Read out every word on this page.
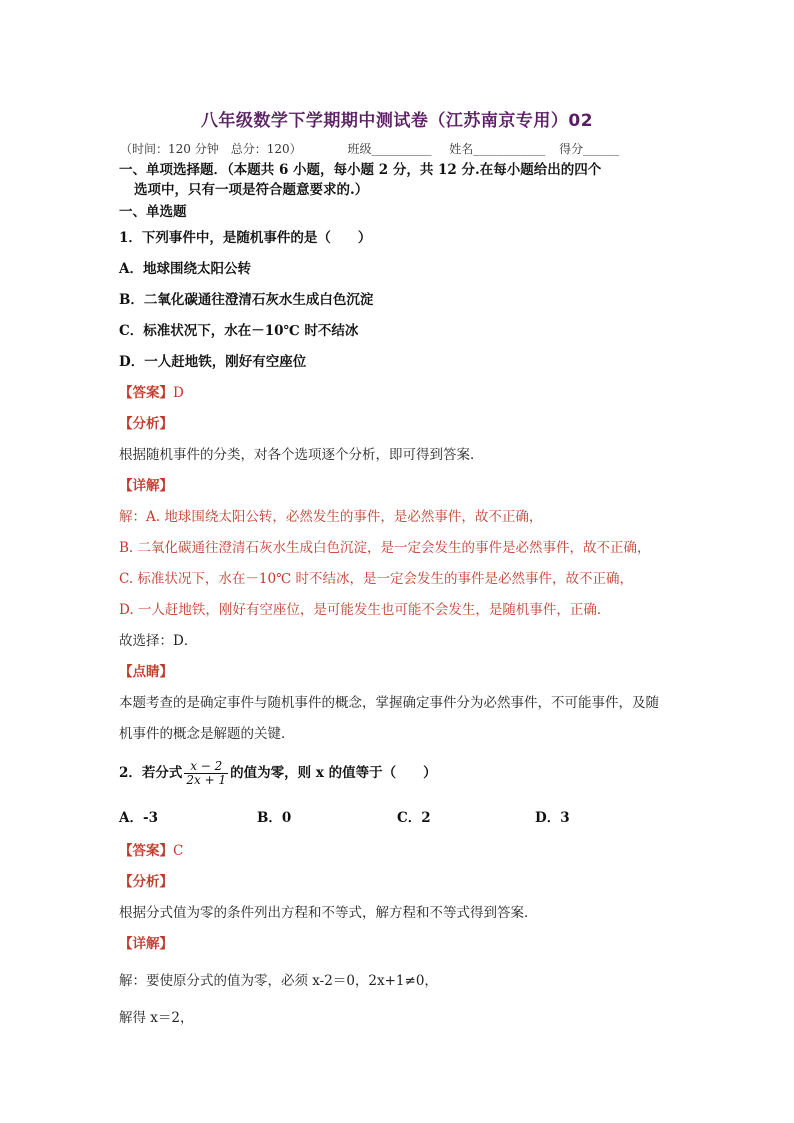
八年级数学下学期期中测试卷（江苏南京专用）02
（时间：120 分钟　总分：120）	班级__________ 姓名____________ 得分______
一、单项选择题．（本题共 6 小题，每小题 2 分，共 12 分.在每小题给出的四个
选项中，只有一项是符合题意要求的.）
一、单选题
1．下列事件中，是随机事件的是（　　）
A．地球围绕太阳公转
B．二氧化碳通往澄清石灰水生成白色沉淀
C．标准状况下，水在－10℃ 时不结冰
D．一人赶地铁，刚好有空座位
【答案】D
【分析】
根据随机事件的分类，对各个选项逐个分析，即可得到答案．
【详解】
解：A. 地球围绕太阳公转，必然发生的事件，是必然事件，故不正确，
B. 二氧化碳通往澄清石灰水生成白色沉淀，是一定会发生的事件是必然事件，故不正确，
C. 标准状况下，水在－10℃ 时不结冰，是一定会发生的事件是必然事件，故不正确，
D. 一人赶地铁，刚好有空座位，是可能发生也可能不会发生，是随机事件，正确．
故选择：D．
【点睛】
本题考查的是确定事件与随机事件的概念，掌握确定事件分为必然事件，不可能事件，及随
机事件的概念是解题的关键．
2．若分式 $\frac{x - 2}{2x + 1}$ 的值为零，则 x 的值等于（　　）
A．-3	B．0	C．2	D．3
【答案】C
【分析】
根据分式值为零的条件列出方程和不等式，解方程和不等式得到答案．
【详解】
解：要使原分式的值为零，必须 x-2＝0，2x+1≠0，
解得 x＝2，
